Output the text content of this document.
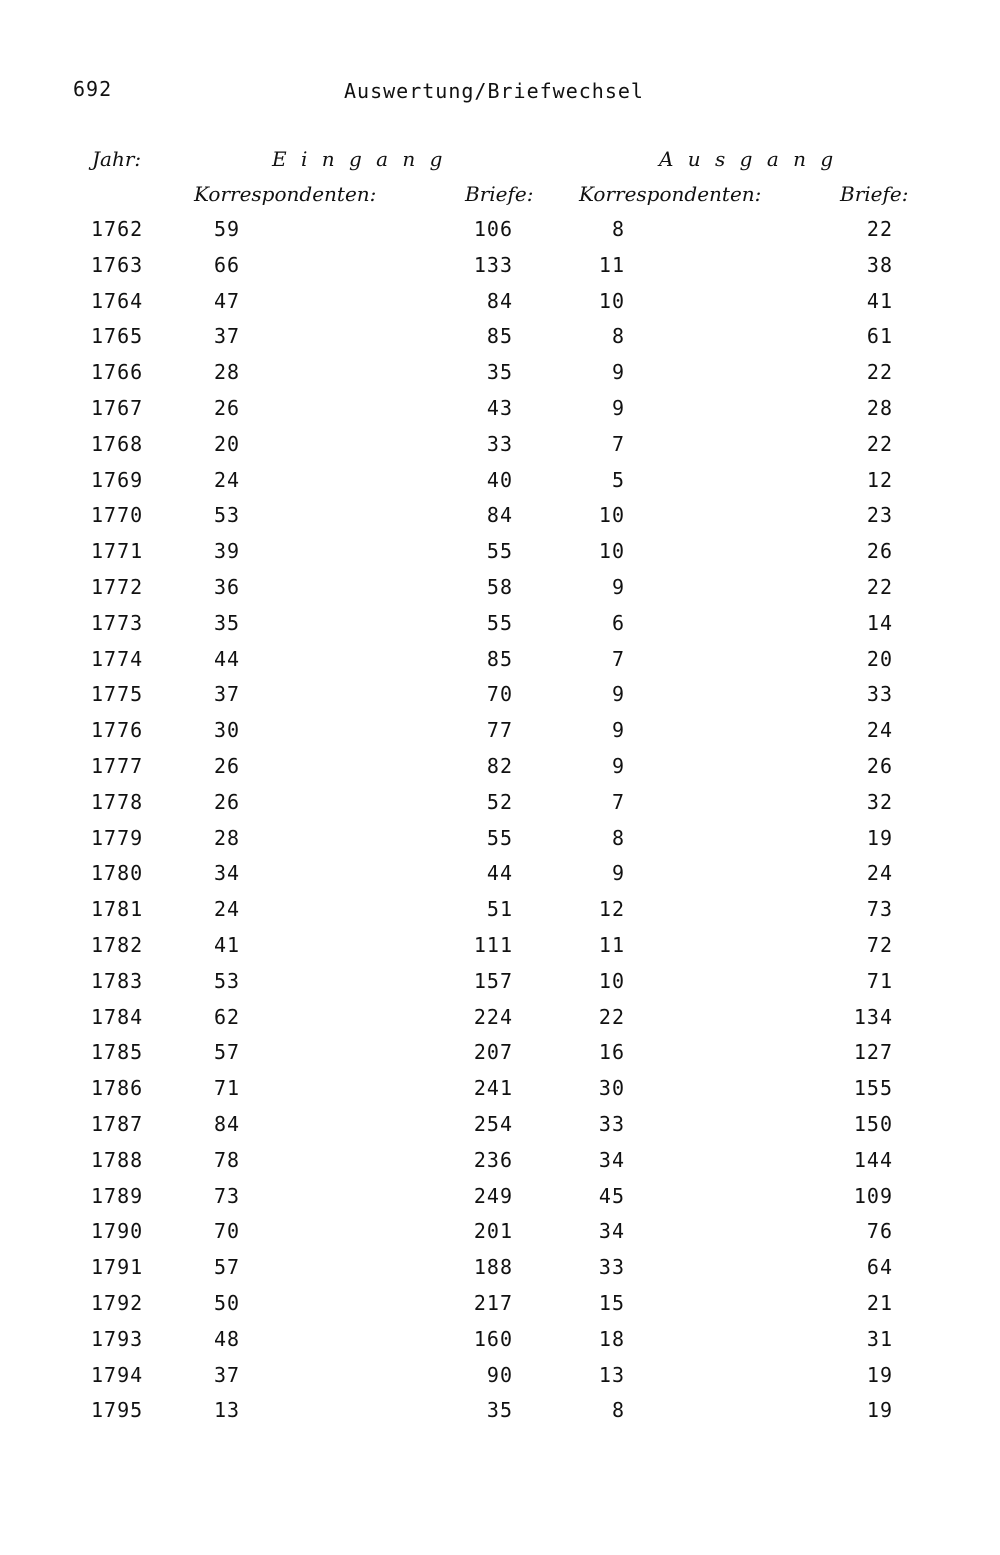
692	Auswertung/Briefwechsel
Jahr:	E i n g a n g	A u s g a n g
Korrespondenten:	Briefe: Korrespondenten:	Briefe:
1762	59	106	8	22
1763	66	133	11	38
1764	47	84	10	41
1765	37	85	8	61
1766	28	35	9	22
1767	26	43	9	28
1768	20	33	7	22
1769	24	40	5	12
1770	53	84	10	23
1771	39	55	10	26
1772	36	58	9	22
1773	35	55	6	14
1774	44	85	7	20
1775	37	70	9	33
1776	30	77	9	24
1777	26	82	9	26
1778	26	52	7	32
1779	28	55	8	19
1780	34	44	9	24
1781	24	51	12	73
1782	41	111	11	72
1783	53	157	10	71
1784	62	224	22	134
1785	57	207	16	127
1786	71	241	30	155
1787	84	254	33	150
1788	78	236	34	144
1789	73	249	45	109
1790	70	201	34	76
1791	57	188	33	64
1792	50	217	15	21
1793	48	160	18	31
1794	37	90	13	19
1795	13	35	8	19
